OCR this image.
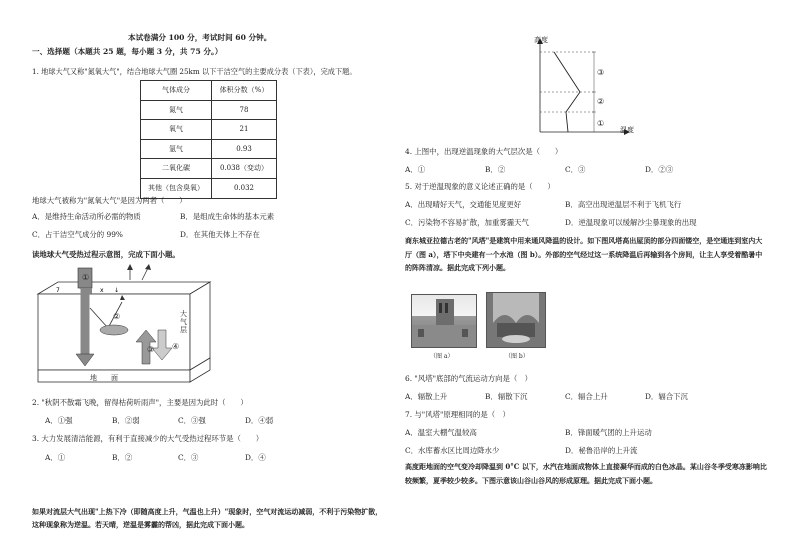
本试卷满分 100 分，考试时间 60 分钟。
一、选择题（本题共 25 题，每小题 3 分，共 75 分。）
1. 地球大气又称"氮氧大气"，结合地球大气圈 25km 以下干洁空气的主要成分表（下表），完成下题。
气体成分	体积分数（%）
氮气	78
氧气	21
氩气	0.93
二氧化碳	0.038（变动）
其他（包含臭氧）	0.032
地球大气被称为"氮氧大气"是因为两者（　　）
A．是维持生命活动所必需的物质	B．是组成生命体的基本元素
C．占干洁空气成分的 99%	D．在其他天体上不存在
读地球大气受热过程示意图，完成下面小题。
7	x ↓
①
②
③ ④
大气层
地　　面
2. "秋阴不散霜飞晚，留得枯荷听雨声"，主要是因为此时（　　）
A．①强	B．②弱	C．③强	D．④弱
3. 大力发展清洁能源，有利于直接减少的大气受热过程环节是（　　）
A．①	B．②	C．③	D．④
如果对流层大气出现"上热下冷（即随高度上升，气温也上升）"现象时，空气对流运动减弱，不利于污染物扩散，这种现象称为逆温。若天晴，逆温是雾霾的帮凶，据此完成下面小题。
高度
温度
③
②
①
4. 上图中，出现逆温现象的大气层次是（　　）
A．①	B．②	C．③	D．②③
5. 对于逆温现象的意义论述正确的是（　　）
A．出现晴好天气，交通能见度更好	B．高空出现逆温层不利于飞机飞行
C．污染物不容易扩散，加重雾霾天气	D．逆温现象可以缓解沙尘暴现象的出现
商东城亚拉德古老的"风塔"是建筑中用来通风降温的设计。如下图风塔高出屋顶的部分四面镂空，是空通连到室内大厅（图 a），塔下中央建有一个水池（图 b）。外部的空气经过这一系统降温后再输到各个房间，让主人享受着酷暑中的阵阵清凉。据此完成下列小题。
（图 a）	（图 b）
6. "风塔"底部的气流运动方向是（　）
A．辐散上升	B．辐散下沉	C．辐合上升	D．辐合下沉
7. 与"风塔"原理相同的是（　）
A．温室大棚气温较高	B．锋面暖气团的上升运动
C．水库蓄水区比周边降水少	D．秘鲁沿岸的上升流
高度距地面的空气变冷却降温到 0°C 以下，水汽在地面成物体上直接凝华而成的白色冰晶。某山谷冬季受寒冻影响比较频繁，夏季较少较多。下图示意该山谷山谷风的形成原理。据此完成下面小题。
